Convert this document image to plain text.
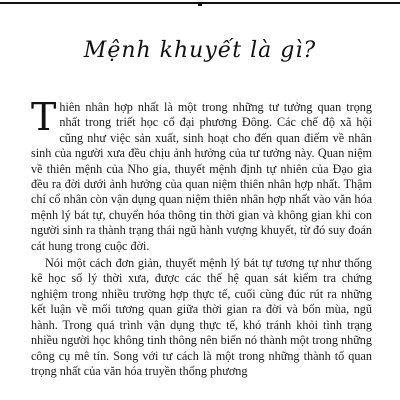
Mệnh khuyết là gì?

Thiên nhân hợp nhất là một trong những tư tưởng quan trọng nhất trong triết học cổ đại phương Đông. Các chế độ xã hội cũng như việc sản xuất, sinh hoạt cho đến quan điểm về nhân sinh của người xưa đều chịu ảnh hưởng của tư tưởng này. Quan niệm về thiên mệnh của Nho gia, thuyết mệnh định tự nhiên của Đạo gia đều ra đời dưới ảnh hưởng của quan niệm thiên nhân hợp nhất. Thậm chí cổ nhân còn vận dụng quan niệm thiên nhân hợp nhất vào văn hóa mệnh lý bát tự, chuyển hóa thông tin thời gian và không gian khi con người sinh ra thành trạng thái ngũ hành vượng khuyết, từ đó suy đoán cát hung trong cuộc đời.

Nói một cách đơn giản, thuyết mệnh lý bát tự tương tự như thống kê học số lý thời xưa, được các thế hệ quan sát kiểm tra chứng nghiệm trong nhiều trường hợp thực tế, cuối cùng đúc rút ra những kết luận về mối tương quan giữa thời gian ra đời và bốn mùa, ngũ hành. Trong quá trình vận dụng thực tế, khó tránh khỏi tình trạng nhiều người học không tinh thông nên biến nó thành một trong những công cụ mê tín. Song với tư cách là một trong những thành tố quan trọng nhất của văn hóa truyền thống phương
